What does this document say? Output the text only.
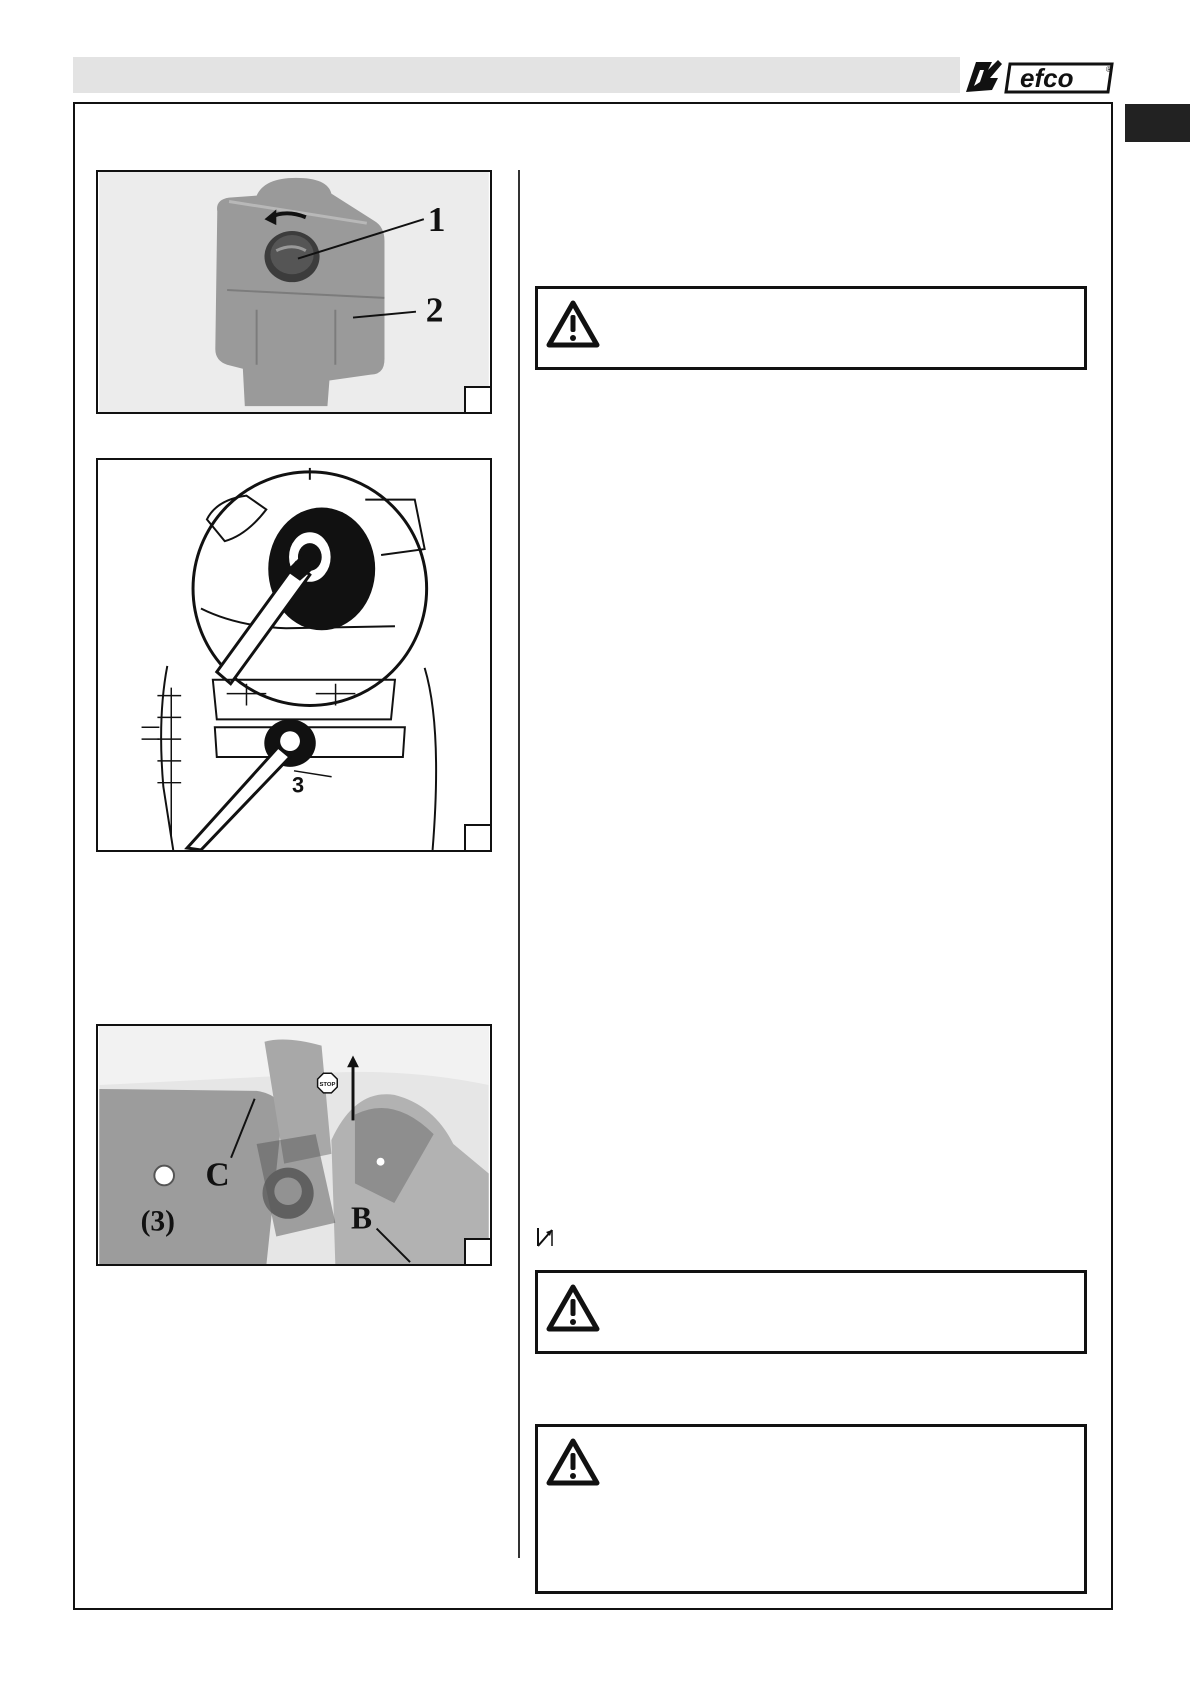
efco	®
1
2
3
STOP
C
(3)	B
